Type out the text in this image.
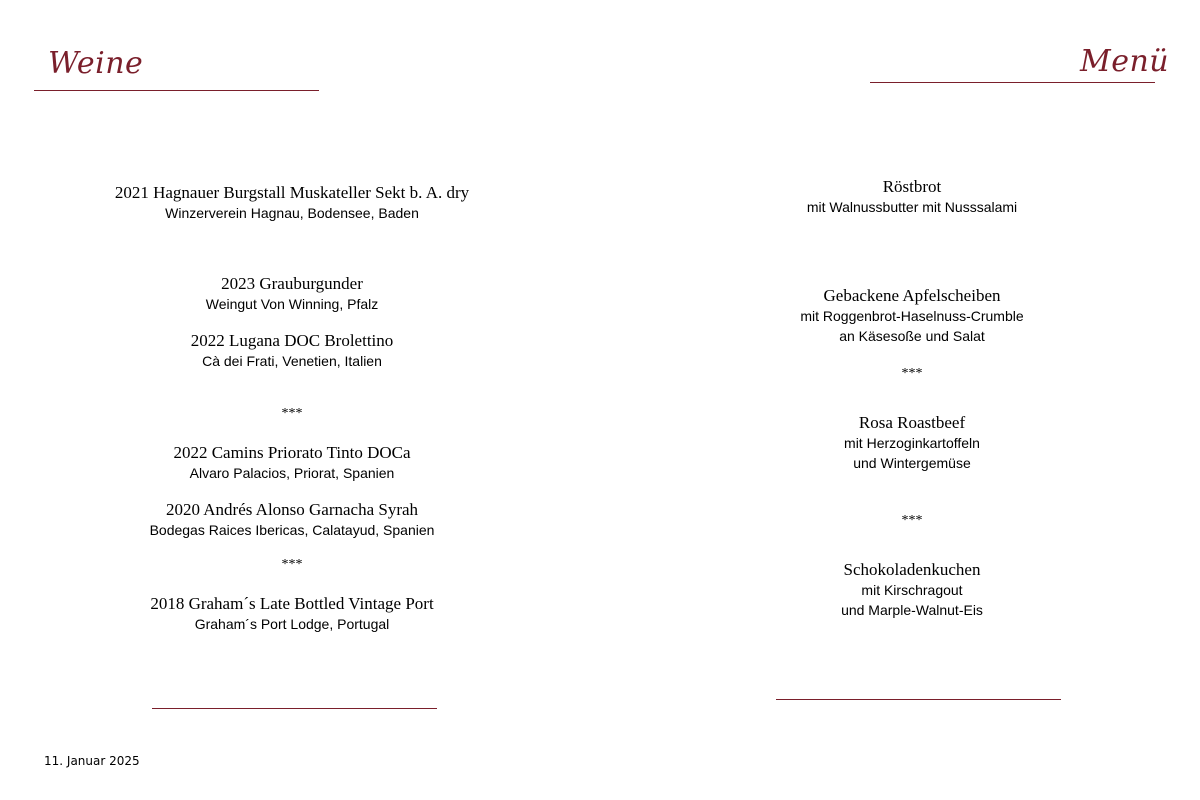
Weine
2021 Hagnauer Burgstall Muskateller Sekt b. A. dry
Winzerverein Hagnau, Bodensee, Baden
2023 Grauburgunder
Weingut Von Winning, Pfalz
2022 Lugana DOC Brolettino
Cà dei Frati, Venetien, Italien
***
2022 Camins Priorato Tinto DOCa
Alvaro Palacios, Priorat, Spanien
2020 Andrés Alonso Garnacha Syrah
Bodegas Raices Ibericas, Calatayud, Spanien
***
2018 Graham´s Late Bottled Vintage Port
Graham´s Port Lodge, Portugal
Menü
Röstbrot
mit Walnussbutter mit Nusssalami
Gebackene Apfelscheiben
mit Roggenbrot-Haselnuss-Crumble
an Käsesoße und Salat
***
Rosa Roastbeef
mit Herzoginkartoffeln
und Wintergemüse
***
Schokoladenkuchen
mit Kirschragout
und Marple-Walnut-Eis
11. Januar 2025
